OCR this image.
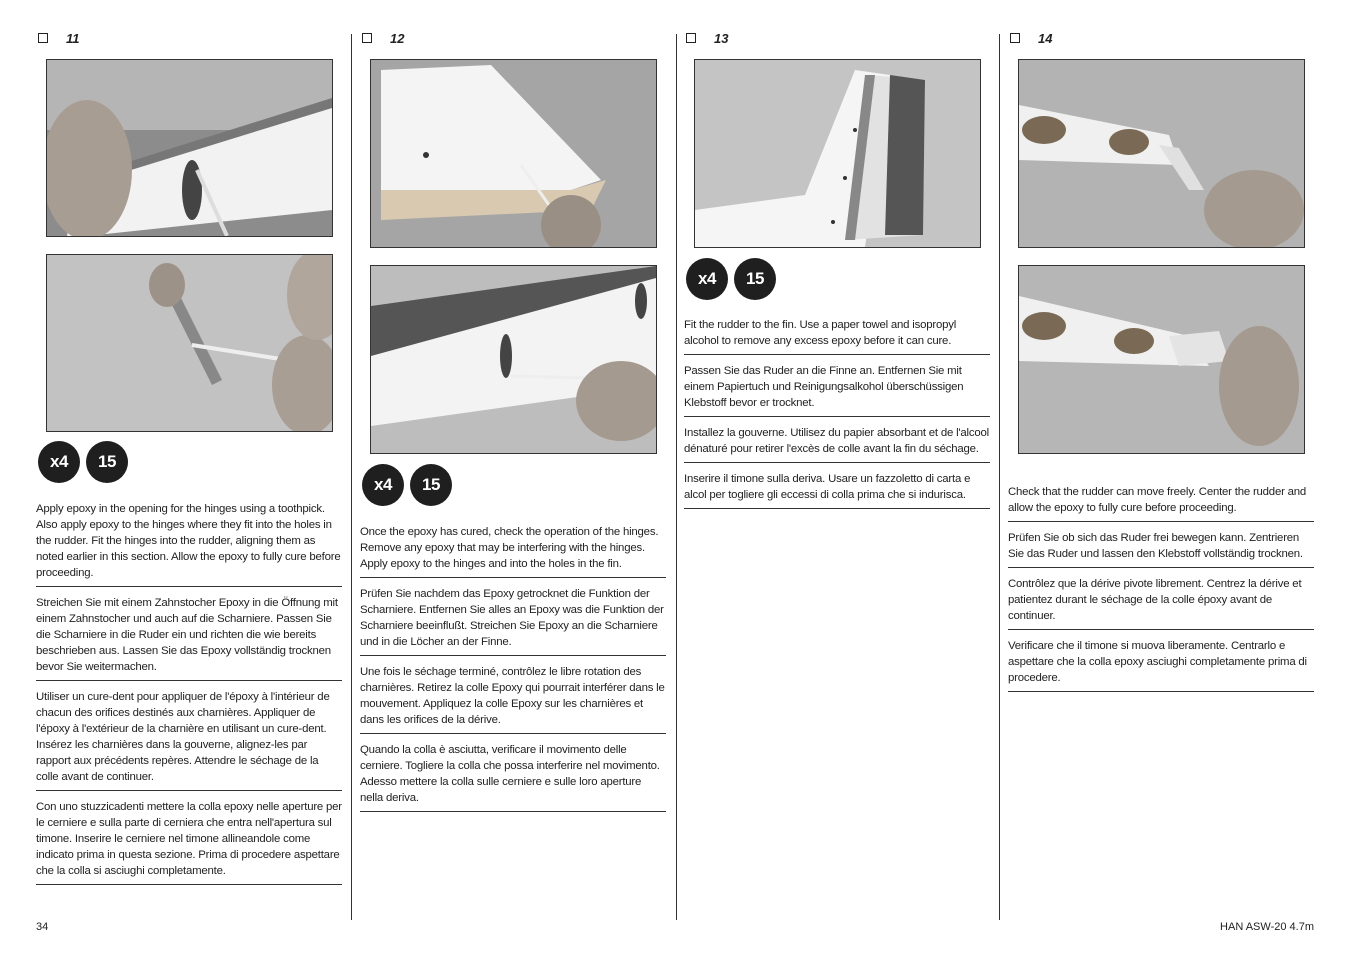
11
x4	15
Apply epoxy in the opening for the hinges using a toothpick. Also apply epoxy to the hinges where they fit into the holes in the rudder. Fit the hinges into the rudder, aligning them as noted earlier in this section. Allow the epoxy to fully cure before proceeding.
Streichen Sie mit einem Zahnstocher Epoxy in die Öffnung mit einem Zahnstocher und auch auf die Scharniere. Passen Sie die Scharniere in die Ruder ein und richten die wie bereits beschrieben aus. Lassen Sie das Epoxy vollständig trocknen bevor Sie weitermachen.
Utiliser un cure-dent pour appliquer de l'époxy à l'intérieur de chacun des orifices destinés aux charnières. Appliquer de l'époxy à l'extérieur de la charnière en utilisant un cure-dent. Insérez les charnières dans la gouverne, alignez-les par rapport aux précédents repères. Attendre le séchage de la colle avant de continuer.
Con uno stuzzicadenti mettere la colla epoxy nelle aperture per le cerniere e sulla parte di cerniera che entra nell'apertura sul timone. Inserire le cerniere nel timone allineandole come indicato prima in questa sezione. Prima di procedere aspettare che la colla si asciughi completamente.
12
x4	15
Once the epoxy has cured, check the operation of the hinges. Remove any epoxy that may be interfering with the hinges. Apply epoxy to the hinges and into the holes in the fin.
Prüfen Sie nachdem das Epoxy getrocknet die Funktion der Scharniere. Entfernen Sie alles an Epoxy was die Funktion der Scharniere beeinflußt. Streichen Sie Epoxy an die Scharniere und in die Löcher an der Finne.
Une fois le séchage terminé, contrôlez le libre rotation des charnières. Retirez la colle Epoxy qui pourrait interférer dans le mouvement. Appliquez la colle Epoxy sur les charnières et dans les orifices de la dérive.
Quando la colla è asciutta, verificare il movimento delle cerniere. Togliere la colla che possa interferire nel movimento. Adesso mettere la colla sulle cerniere e sulle loro aperture nella deriva.
13
x4	15
Fit the rudder to the fin. Use a paper towel and isopropyl alcohol to remove any excess epoxy before it can cure.
Passen Sie das Ruder an die Finne an. Entfernen Sie mit einem Papiertuch und Reinigungsalkohol überschüssigen Klebstoff bevor er trocknet.
Installez la gouverne. Utilisez du papier absorbant et de l'alcool dénaturé pour retirer l'excès de colle avant la fin du séchage.
Inserire il timone sulla deriva. Usare un fazzoletto di carta e alcol per togliere gli eccessi di colla prima che si indurisca.
14
Check that the rudder can move freely. Center the rudder and allow the epoxy to fully cure before proceeding.
Prüfen Sie ob sich das Ruder frei bewegen kann. Zentrieren Sie das Ruder und lassen den Klebstoff vollständig trocknen.
Contrôlez que la dérive pivote librement. Centrez la dérive et patientez durant le séchage de la colle époxy avant de continuer.
Verificare che il timone si muova liberamente. Centrarlo e aspettare che la colla epoxy asciughi completamente prima di procedere.
34	HAN ASW-20 4.7m
